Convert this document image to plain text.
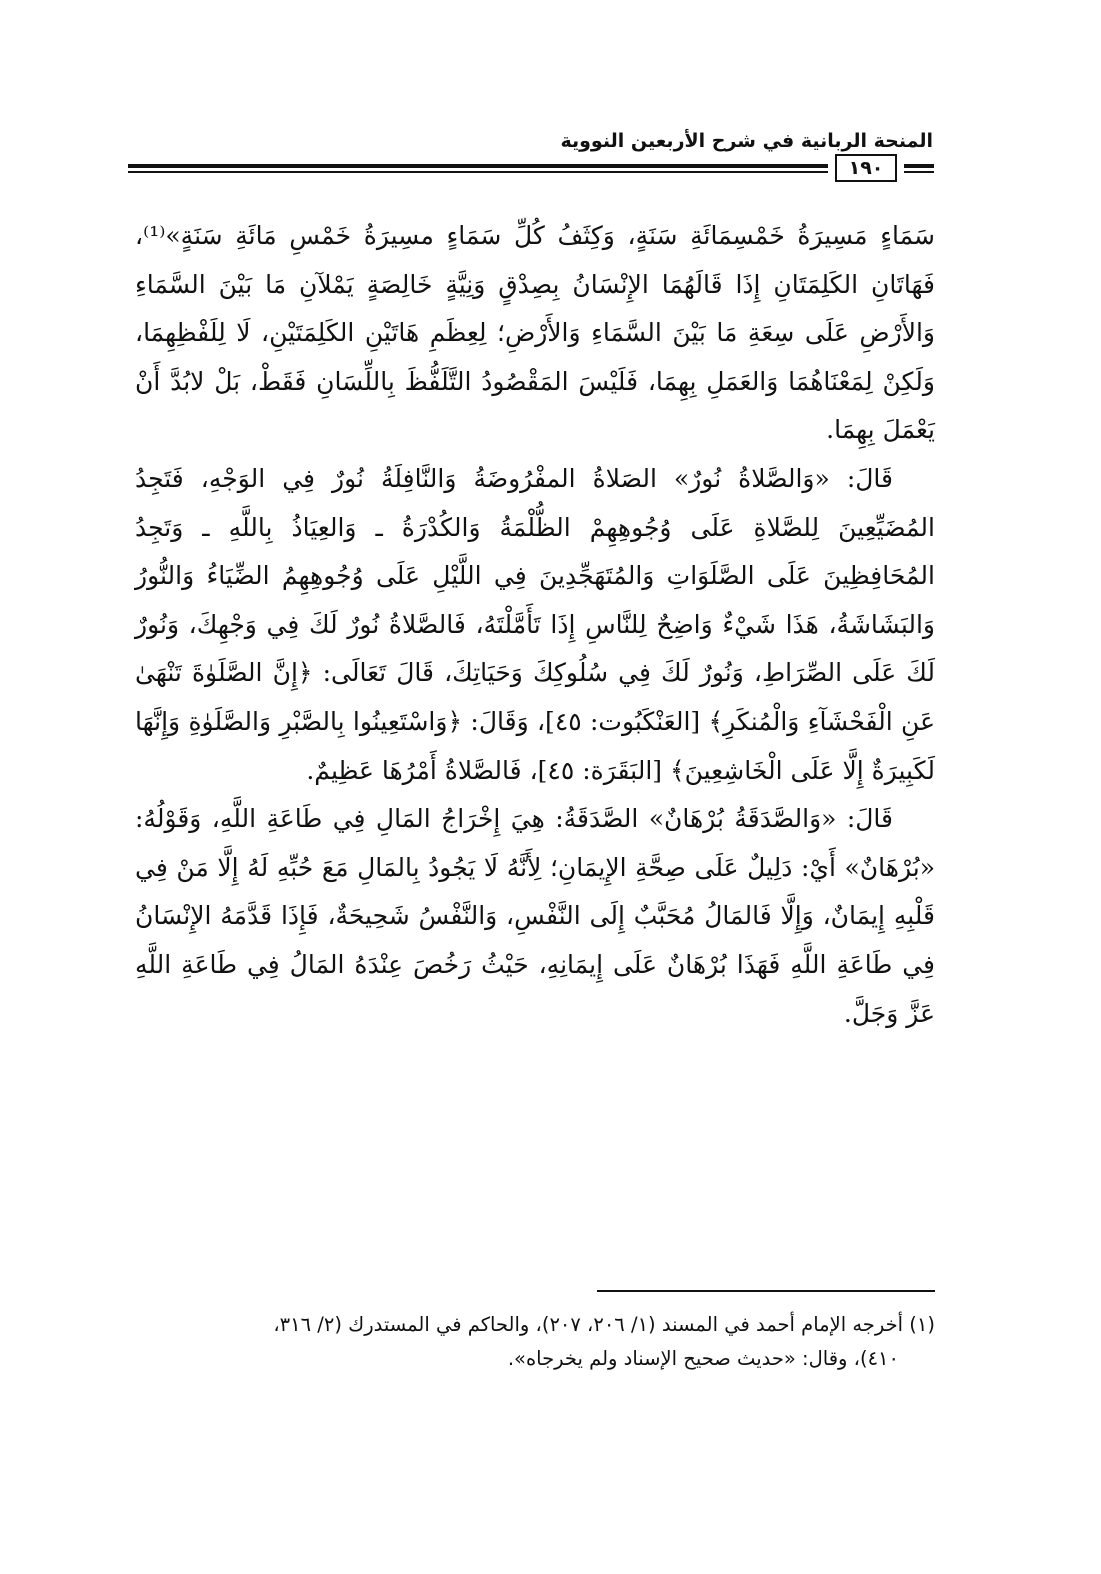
المنحة الربانية في شرح الأربعين النووية
١٩٠

سَمَاءٍ مَسِيرَةُ خَمْسِمَائَةِ سَنَةٍ، وَكِثَفُ كُلِّ سَمَاءٍ مسِيرَةُ خَمْسِ مَائَةِ سَنَةٍ»⁽¹⁾، فَهَاتَانِ الكَلِمَتَانِ إِذَا قَالَهُمَا الإِنْسَانُ بِصِدْقٍ وَنِيَّةٍ خَالِصَةٍ يَمْلآنِ مَا بَيْنَ السَّمَاءِ وَالأَرْضِ عَلَى سِعَةِ مَا بَيْنَ السَّمَاءِ وَالأَرْضِ؛ لِعِظَمِ هَاتَيْنِ الكَلِمَتَيْنِ، لَا لِلَفْظِهِمَا، وَلَكِنْ لِمَعْنَاهُمَا وَالعَمَلِ بِهِمَا، فَلَيْسَ المَقْصُودُ التَّلَفُّظَ بِاللِّسَانِ فَقَطْ، بَلْ لابُدَّ أَنْ يَعْمَلَ بِهِمَا.

قَالَ: «وَالصَّلاةُ نُورٌ» الصَلاةُ المفْرُوضَةُ وَالنَّافِلَةُ نُورٌ فِي الوَجْهِ، فَتَجِدُ المُضَيِّعِينَ لِلصَّلاةِ عَلَى وُجُوهِهِمْ الظُّلْمَةُ وَالكُدْرَةُ ـ وَالعِيَاذُ بِاللَّهِ ـ وَتَجِدُ المُحَافِظِينَ عَلَى الصَّلَوَاتِ وَالمُتَهَجِّدِينَ فِي اللَّيْلِ عَلَى وُجُوهِهِمُ الضِّيَاءُ وَالنُّورُ وَالبَشَاشَةُ، هَذَا شَيْءٌ وَاضِحٌ لِلنَّاسِ إِذَا تَأَمَّلْتَهُ، فَالصَّلاةُ نُورٌ لَكَ فِي وَجْهِكَ، وَنُورٌ لَكَ عَلَى الصِّرَاطِ، وَنُورٌ لَكَ فِي سُلُوكِكَ وَحَيَاتِكَ، قَالَ تَعَالَى: ﴿إِنَّ الصَّلَوٰةَ تَنْهَىٰ عَنِ الْفَحْشَآءِ وَالْمُنكَرِ﴾ [العَنْكَبُوت: ٤٥]، وَقَالَ: ﴿وَاسْتَعِينُوا بِالصَّبْرِ وَالصَّلَوٰةِ وَإِنَّهَا لَكَبِيرَةٌ إِلَّا عَلَى الْخَاشِعِينَ﴾ [البَقَرَة: ٤٥]، فَالصَّلاةُ أَمْرُهَا عَظِيمٌ.

قَالَ: «وَالصَّدَقَةُ بُرْهَانٌ» الصَّدَقَةُ: هِيَ إِخْرَاجُ المَالِ فِي طَاعَةِ اللَّهِ، وَقَوْلُهُ: «بُرْهَانٌ» أَيْ: دَلِيلٌ عَلَى صِحَّةِ الإِيمَانِ؛ لِأَنَّهُ لَا يَجُودُ بِالمَالِ مَعَ حُبِّهِ لَهُ إِلَّا مَنْ فِي قَلْبِهِ إِيمَانٌ، وَإِلَّا فَالمَالُ مُحَبَّبٌ إِلَى النَّفْسِ، وَالنَّفْسُ شَحِيحَةٌ، فَإِذَا قَدَّمَهُ الإِنْسَانُ فِي طَاعَةِ اللَّهِ فَهَذَا بُرْهَانٌ عَلَى إِيمَانِهِ، حَيْثُ رَخُصَ عِنْدَهُ المَالُ فِي طَاعَةِ اللَّهِ عَزَّ وَجَلَّ.

(١) أخرجه الإمام أحمد في المسند (١/ ٢٠٦، ٢٠٧)، والحاكم في المستدرك (٢/ ٣١٦،
٤١٠)، وقال: «حديث صحيح الإسناد ولم يخرجاه».
